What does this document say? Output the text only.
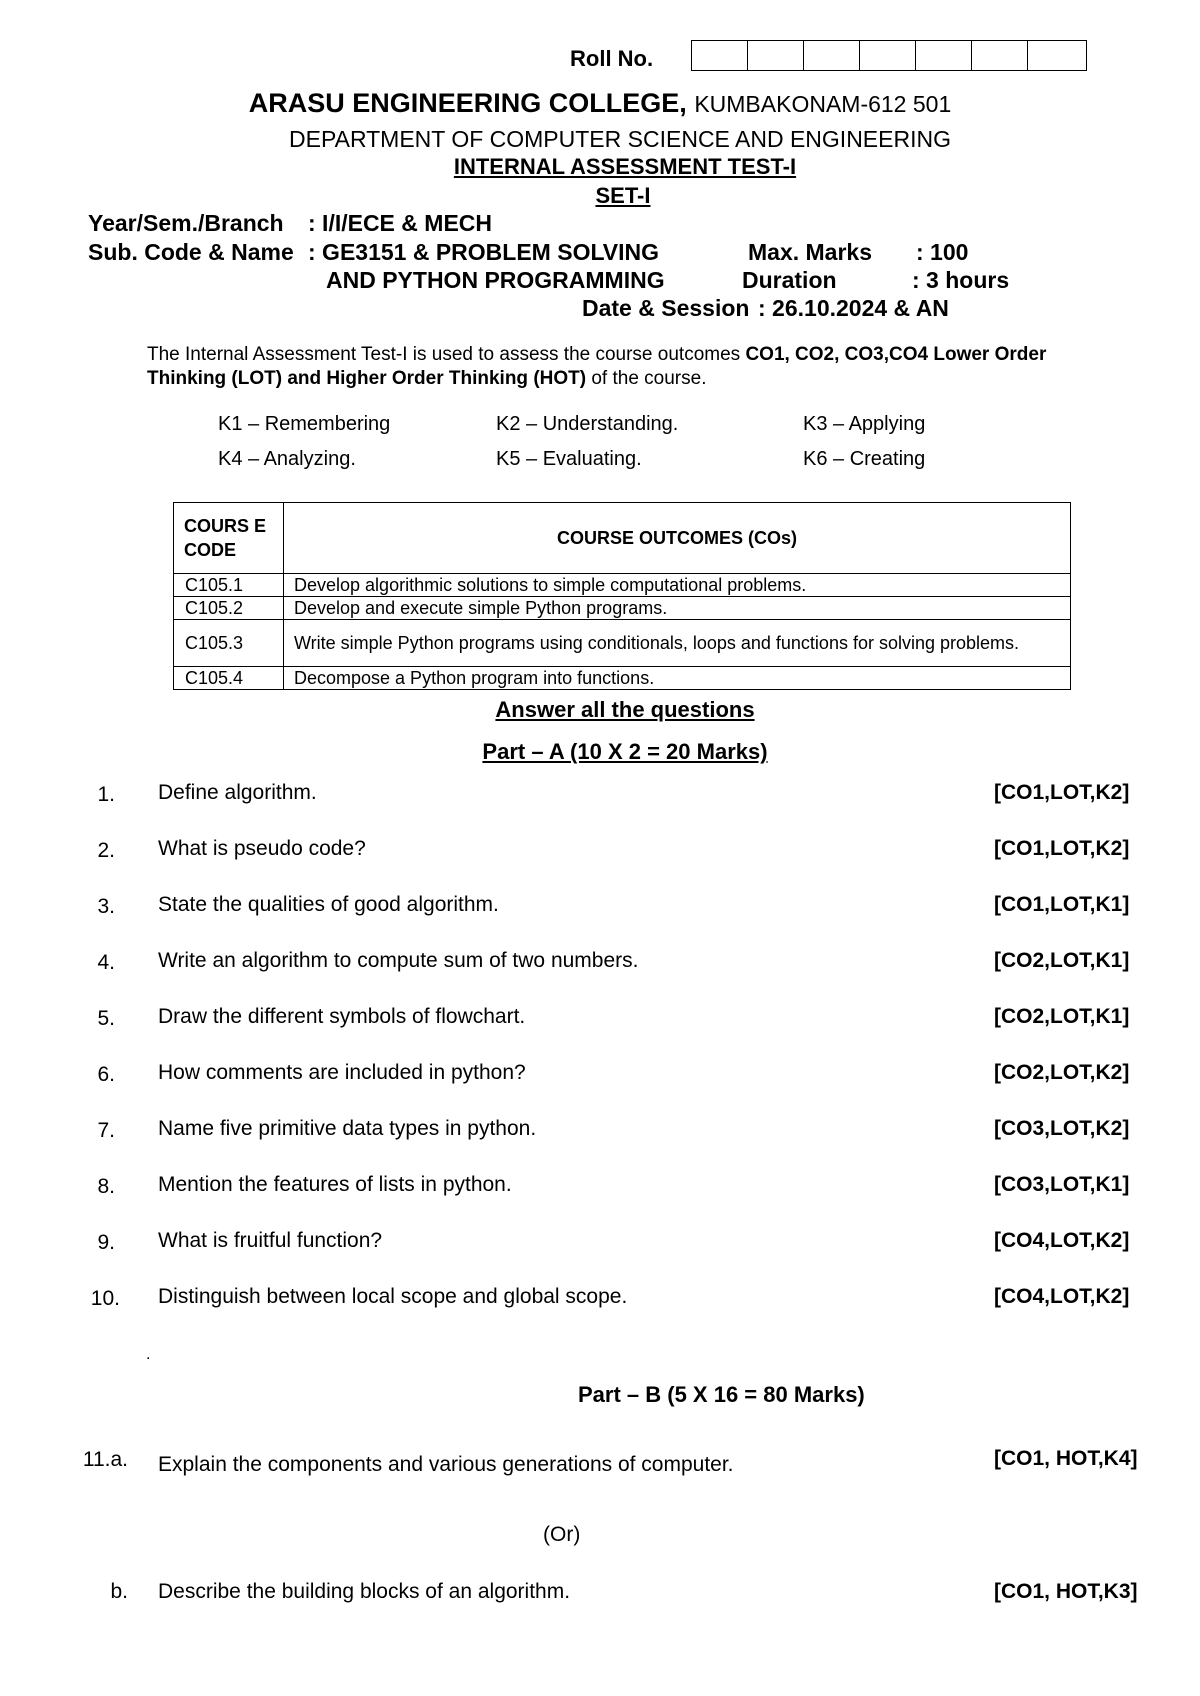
Roll No.
ARASU ENGINEERING COLLEGE, KUMBAKONAM-612 501
DEPARTMENT OF COMPUTER SCIENCE AND ENGINEERING
INTERNAL ASSESSMENT TEST-I
SET-I
Year/Sem./Branch : I/I/ECE & MECH
Sub. Code & Name : GE3151 & PROBLEM SOLVING
AND PYTHON PROGRAMMING
Max. Marks : 100
Duration	: 3 hours
Date & Session : 26.10.2024 & AN
The Internal Assessment Test-I is used to assess the course outcomes CO1, CO2, CO3,CO4 Lower Order Thinking (LOT) and Higher Order Thinking (HOT) of the course.
K1 – Remembering	K2 – Understanding.	K3 – Applying
K4 – Analyzing.	K5 – Evaluating.	K6 – Creating
COURS E CODE	COURSE OUTCOMES (COs)
C105.1	Develop algorithmic solutions to simple computational problems.
C105.2	Develop and execute simple Python programs.
C105.3	Write simple Python programs using conditionals, loops and functions for solving problems.
C105.4	Decompose a Python program into functions.
Answer all the questions
Part – A (10 X 2 = 20 Marks)
1. Define algorithm.	[CO1,LOT,K2]
2. What is pseudo code?	[CO1,LOT,K2]
3. State the qualities of good algorithm.	[CO1,LOT,K1]
4. Write an algorithm to compute sum of two numbers.	[CO2,LOT,K1]
5. Draw the different symbols of flowchart.	[CO2,LOT,K1]
6. How comments are included in python?	[CO2,LOT,K2]
7. Name five primitive data types in python.	[CO3,LOT,K2]
8. Mention the features of lists in python.	[CO3,LOT,K1]
9. What is fruitful function?	[CO4,LOT,K2]
10. Distinguish between local scope and global scope.	[CO4,LOT,K2]
.
Part – B (5 X 16 = 80 Marks)
11.a. Explain the components and various generations of computer.	[CO1, HOT,K4]
(Or)
b. Describe the building blocks of an algorithm.	[CO1, HOT,K3]
